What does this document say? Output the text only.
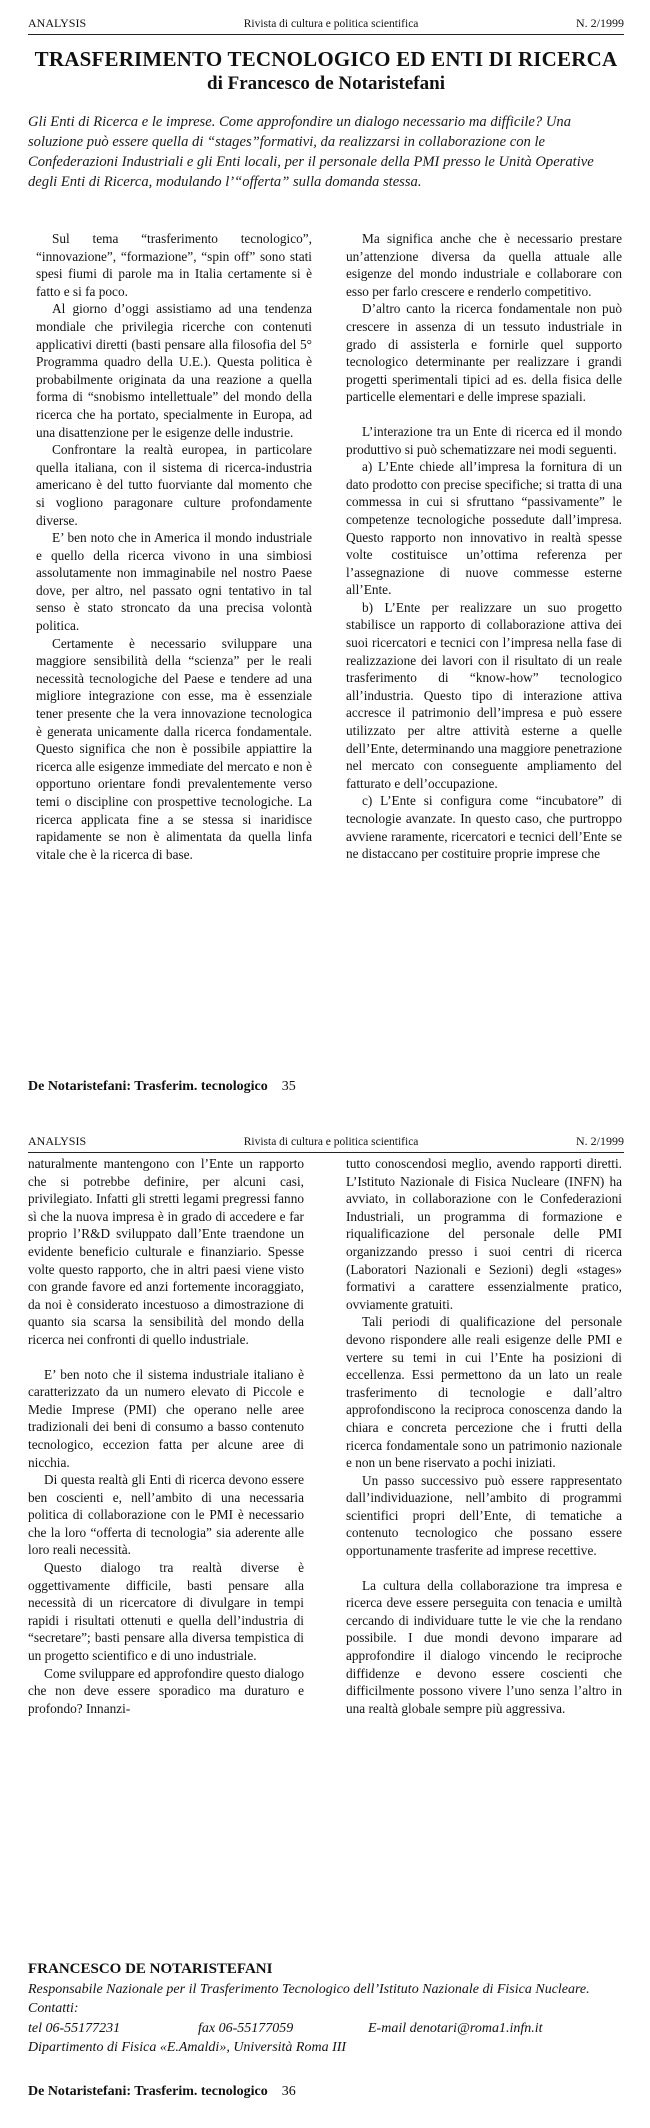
ANALYSIS	Rivista di cultura e politica scientifica	N. 2/1999
TRASFERIMENTO TECNOLOGICO ED ENTI DI RICERCA
di Francesco de Notaristefani

Gli Enti di Ricerca e le imprese. Come approfondire un dialogo necessario ma difficile? Una soluzione può essere quella di “stages”formativi, da realizzarsi in collaborazione con le Confederazioni Industriali e gli Enti locali, per il personale della PMI presso le Unità Operative degli Enti di Ricerca, modulando l’“offerta” sulla domanda stessa.

Sul tema “trasferimento tecnologico”, “innovazione”, “formazione”, “spin off” sono stati spesi fiumi di parole ma in Italia certamente si è fatto e si fa poco.

Al giorno d’oggi assistiamo ad una tendenza mondiale che privilegia ricerche con contenuti applicativi diretti (basti pensare alla filosofia del 5° Programma quadro della U.E.). Questa politica è probabilmente originata da una reazione a quella forma di “snobismo intellettuale” del mondo della ricerca che ha portato, specialmente in Europa, ad una disattenzione per le esigenze delle industrie.

Confrontare la realtà europea, in particolare quella italiana, con il sistema di ricerca-industria americano è del tutto fuorviante dal momento che si vogliono paragonare culture profondamente diverse.

E’ ben noto che in America il mondo industriale e quello della ricerca vivono in una simbiosi assolutamente non immaginabile nel nostro Paese dove, per altro, nel passato ogni tentativo in tal senso è stato stroncato da una precisa volontà politica.

Certamente è necessario sviluppare una maggiore sensibilità della “scienza” per le reali necessità tecnologiche del Paese e tendere ad una migliore integrazione con esse, ma è essenziale tener presente che la vera innovazione tecnologica è generata unicamente dalla ricerca fondamentale. Questo significa che non è possibile appiattire la ricerca alle esigenze immediate del mercato e non è opportuno orientare fondi prevalentemente verso temi o discipline con prospettive tecnologiche. La ricerca applicata fine a se stessa si inaridisce rapidamente se non è alimentata da quella linfa vitale che è la ricerca di base.

Ma significa anche che è necessario prestare un’attenzione diversa da quella attuale alle esigenze del mondo industriale e collaborare con esso per farlo crescere e renderlo competitivo.

D’altro canto la ricerca fondamentale non può crescere in assenza di un tessuto industriale in grado di assisterla e fornirle quel supporto tecnologico determinante per realizzare i grandi progetti sperimentali tipici ad es. della fisica delle particelle elementari e delle imprese spaziali.

L’interazione tra un Ente di ricerca ed il mondo produttivo si può schematizzare nei modi seguenti.

a) L’Ente chiede all’impresa la fornitura di un dato prodotto con precise specifiche; si tratta di una commessa in cui si sfruttano “passivamente” le competenze tecnologiche possedute dall’impresa. Questo rapporto non innovativo in realtà spesse volte costituisce un’ottima referenza per l’assegnazione di nuove commesse esterne all’Ente.

b) L’Ente per realizzare un suo progetto stabilisce un rapporto di collaborazione attiva dei suoi ricercatori e tecnici con l’impresa nella fase di realizzazione dei lavori con il risultato di un reale trasferimento di “know-how” tecnologico all’industria. Questo tipo di interazione attiva accresce il patrimonio dell’impresa e può essere utilizzato per altre attività esterne a quelle dell’Ente, determinando una maggiore penetrazione nel mercato con conseguente ampliamento del fatturato e dell’occupazione.

c) L’Ente si configura come “incubatore” di tecnologie avanzate. In questo caso, che purtroppo avviene raramente, ricercatori e tecnici dell’Ente se ne distaccano per costituire proprie imprese che

De Notaristefani: Trasferim. tecnologico 35
ANALYSIS	Rivista di cultura e politica scientifica	N. 2/1999

naturalmente mantengono con l’Ente un rapporto che si potrebbe definire, per alcuni casi, privilegiato. Infatti gli stretti legami pregressi fanno sì che la nuova impresa è in grado di accedere e far proprio l’R&D sviluppato dall’Ente traendone un evidente beneficio culturale e finanziario. Spesse volte questo rapporto, che in altri paesi viene visto con grande favore ed anzi fortemente incoraggiato, da noi è considerato incestuoso a dimostrazione di quanto sia scarsa la sensibilità del mondo della ricerca nei confronti di quello industriale.

E’ ben noto che il sistema industriale italiano è caratterizzato da un numero elevato di Piccole e Medie Imprese (PMI) che operano nelle aree tradizionali dei beni di consumo a basso contenuto tecnologico, eccezion fatta per alcune aree di nicchia.

Di questa realtà gli Enti di ricerca devono essere ben coscienti e, nell’ambito di una necessaria politica di collaborazione con le PMI è necessario che la loro “offerta di tecnologia” sia aderente alle loro reali necessità.

Questo dialogo tra realtà diverse è oggettivamente difficile, basti pensare alla necessità di un ricercatore di divulgare in tempi rapidi i risultati ottenuti e quella dell’industria di “secretare”; basti pensare alla diversa tempistica di un progetto scientifico e di uno industriale.

Come sviluppare ed approfondire questo dialogo che non deve essere sporadico ma duraturo e profondo? Innanzi-

tutto conoscendosi meglio, avendo rapporti diretti. L’Istituto Nazionale di Fisica Nucleare (INFN) ha avviato, in collaborazione con le Confederazioni Industriali, un programma di formazione e riqualificazione del personale delle PMI organizzando presso i suoi centri di ricerca (Laboratori Nazionali e Sezioni) degli «stages» formativi a carattere essenzialmente pratico, ovviamente gratuiti.

Tali periodi di qualificazione del personale devono rispondere alle reali esigenze delle PMI e vertere su temi in cui l’Ente ha posizioni di eccellenza. Essi permettono da un lato un reale trasferimento di tecnologie e dall’altro approfondiscono la reciproca conoscenza dando la chiara e concreta percezione che i frutti della ricerca fondamentale sono un patrimonio nazionale e non un bene riservato a pochi iniziati.

Un passo successivo può essere rappresentato dall’individuazione, nell’ambito di programmi scientifici propri dell’Ente, di tematiche a contenuto tecnologico che possano essere opportunamente trasferite ad imprese recettive.

La cultura della collaborazione tra impresa e ricerca deve essere perseguita con tenacia e umiltà cercando di individuare tutte le vie che la rendano possibile. I due mondi devono imparare ad approfondire il dialogo vincendo le reciproche diffidenze e devono essere coscienti che difficilmente possono vivere l’uno senza l’altro in una realtà globale sempre più aggressiva.

FRANCESCO DE NOTARISTEFANI
Responsabile Nazionale per il Trasferimento Tecnologico dell’Istituto Nazionale di Fisica Nucleare.
Contatti:
tel 06-55177231	fax 06-55177059	E-mail denotari@roma1.infn.it
Dipartimento di Fisica «E.Amaldi», Università Roma III
De Notaristefani: Trasferim. tecnologico 36
